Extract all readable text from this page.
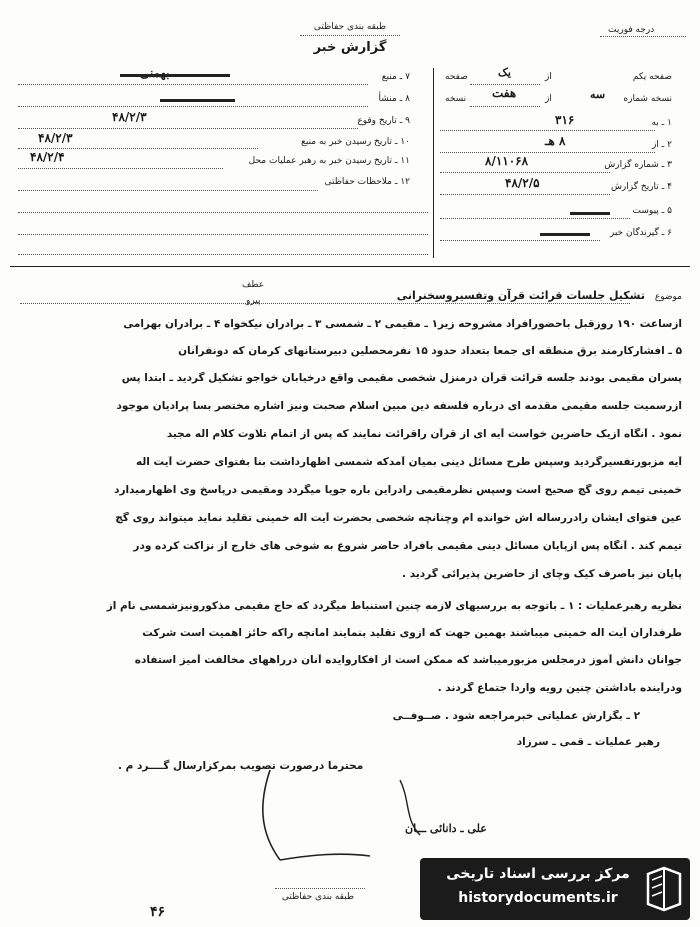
درجه فوریت
طبقه بندی حفاظتی
گزارش خبر
صفحه یکم
از
یک
صفحه
نسخه شماره
سه
از
هفت
نسخه
۱ ـ به
۳۱۶
۲ ـ از
۸ هـ
۳ ـ شماره گزارش
۸/۱۱۰۶۸
۴ ـ تاریخ گزارش
۴۸/۲/۵
۵ ـ پیوست
۶ ـ گیرندگان خبر
۷ ـ منبع
بهمنی
۸ ـ منشأ
۹ ـ تاریخ وقوع
۴۸/۲/۳
۱۰ ـ تاریخ رسیدن خبر به منبع
۴۸/۲/۳
۱۱ ـ تاریخ رسیدن خبر به رهبر عملیات محل
۴۸/۲/۴
۱۲ ـ ملاحظات حفاظتی
موضوع
تشکیل جلسات قرائت قرآن وتفسیروسخنرانی
عطف
پیرو
ازساعت ۱۹۰ روزقبل باحضورافراد مشروحه زیر۱ ـ مقیمی ۲ ـ شمسی ۳ ـ برادران نیکخواه ۴ ـ برادران بهرامی
۵ ـ افشارکارمند برق منطقه ای جمعا بتعداد حدود ۱۵ نفرمحصلین دبیرستانهای کرمان که دونفرآنان
پسران مقیمی بودند جلسه قرائت قرآن درمنزل شخصی مقیمی واقع درخیابان خواجو تشکیل گردید ـ ابتدا پس
ازرسمیت جلسه مقیمی مقدمه ای درباره فلسفه دین مبین اسلام صحبت ونیز اشاره مختصر بسا پرادیان موجود
نمود . آنگاه ازیک حاضرین خواست آیه ای از قرآن راقرائت نمایند که پس از اتمام تلاوت کلام اله مجید
آیه مزبورتفسیرگردید وسپس طرح مسائل دینی بمیان آمدکه شمسی اظهارداشت بنا بفتوای حضرت آیت اله
خمینی تیمم روی گچ صحیح است وسپس نظرمقیمی رادراین باره جویا میگردد ومقیمی درپاسخ وی اظهارمیدارد
عین فتوای ایشان رادررساله اش خوانده ام وچنانچه شخصی بحضرت آیت اله خمینی تقلید نماید میتواند روی گچ
تیمم کند . آنگاه پس ازپایان مسائل دینی مقیمی بافراد حاضر شروع به شوخی های خارج از نزاکت کرده ودر
پایان نیز باصرف کیک وچای از حاضرین پذیرائی گردید .
نظریه رهبرعملیات : ۱ ـ باتوجه به بررسیهای لازمه چنین استنباط میگردد که حاج مقیمی مذکورونیزشمسی نام از
طرفداران آیت اله خمینی میباشند بهمین جهت که ازوی تقلید بنمایند امانچه راکه حائز اهمیت است شرکت
جوانان دانش آموز درمجلس مزبورمیباشد که ممکن است از افکاروایده آنان درراههای مخالفت آمیز استفاده
ودرآینده باداشتن چنین رویه واردا جتماع گردند .
۲ ـ بگزارش عملیاتی خبرمراجعه شود . صــوفــی
رهبر عملیات ـ قمی ـ سرزاد
محترما درصورت تصویب بمرکزارسال گــــرد م .
علی ـ دانائی ـــان
طبقه بندی حفاظتی
۴۶
مرکز بررسی اسناد تاریخی
historydocuments.ir
